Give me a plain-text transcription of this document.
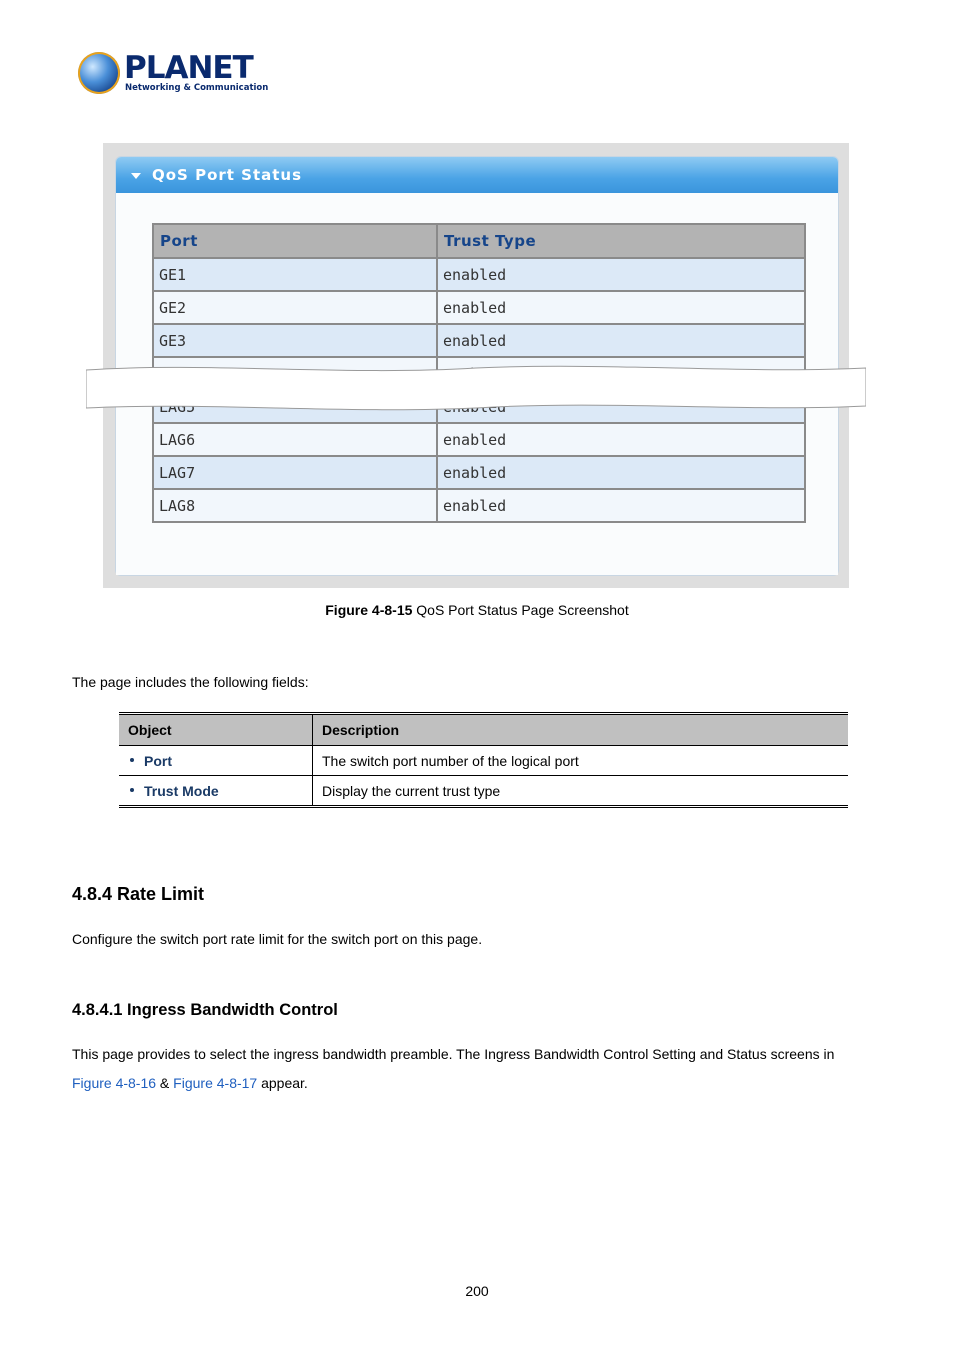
PLANET
Networking & Communication
QoS Port Status
Port	Trust Type
GE1	enabled
GE2	enabled
GE3	enabled

LAG6	enabled
LAG7	enabled
LAG8	enabled
Figure 4-8-15 QoS Port Status Page Screenshot
The page includes the following fields:
Object	Description
Port	The switch port number of the logical port
Trust Mode	Display the current trust type
4.8.4 Rate Limit
Configure the switch port rate limit for the switch port on this page.
4.8.4.1 Ingress Bandwidth Control
This page provides to select the ingress bandwidth preamble. The Ingress Bandwidth Control Setting and Status screens in
Figure 4-8-16 & Figure 4-8-17 appear.
200
